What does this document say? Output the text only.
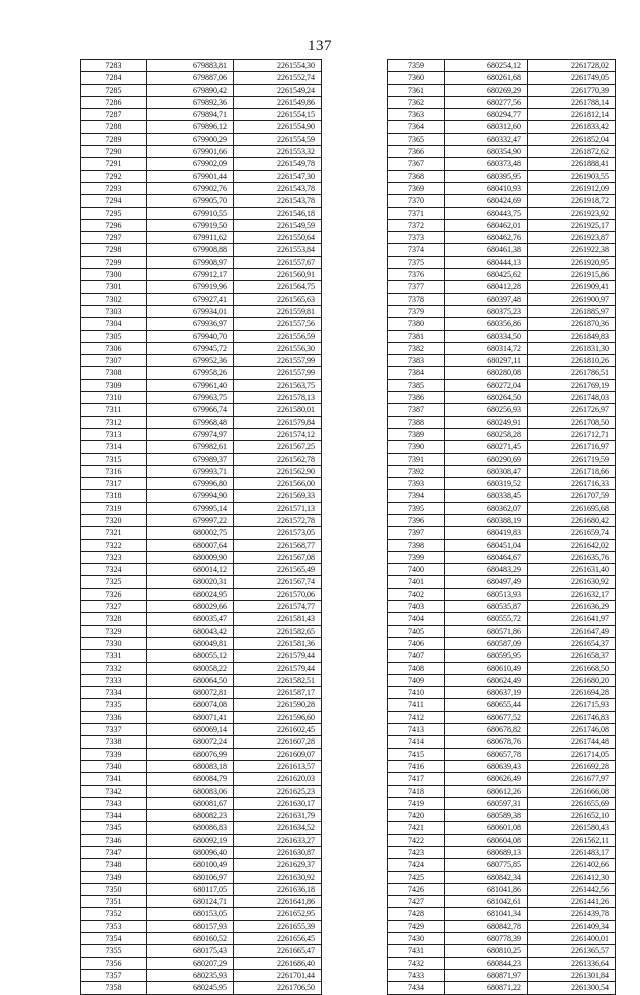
137
7283	679883,81	2261554,30
7284	679887,06	2261552,74
7285	679890,42	2261549,24
7286	679892,36	2261549,86
7287	679894,71	2261554,15
7288	679896,12	2261554,90
7289	679900,29	2261554,59
7290	679901,66	2261553,32
7291	679902,09	2261549,78
7292	679901,44	2261547,30
7293	679902,76	2261543,78
7294	679905,70	2261543,78
7295	679910,55	2261546,18
7296	679919,50	2261549,59
7297	679911,62	2261550,64
7298	679908,88	2261553,84
7299	679908,97	2261557,67
7300	679912,17	2261560,91
7301	679919,96	2261564,75
7302	679927,41	2261565,63
7303	679934,01	2261559,81
7304	679936,97	2261557,56
7305	679940,70	2261556,59
7306	679945,72	2261556,30
7307	679952,36	2261557,99
7308	679958,26	2261557,99
7309	679961,40	2261563,75
7310	679963,75	2261578,13
7311	679966,74	2261580,01
7312	679968,48	2261579,84
7313	679974,97	2261574,12
7314	679982,61	2261567,25
7315	679989,37	2261562,78
7316	679993,71	2261562,90
7317	679996,80	2261566,00
7318	679994,90	2261569,33
7319	679995,14	2261571,13
7320	679997,22	2261572,78
7321	680002,75	2261573,05
7322	680007,64	2261568,77
7323	680009,90	2261567,08
7324	680014,12	2261565,49
7325	680020,31	2261567,74
7326	680024,95	2261570,06
7327	680029,66	2261574,77
7328	680035,47	2261581,43
7329	680043,42	2261582,65
7330	680049,81	2261581,36
7331	680055,12	2261579,44
7332	680058,22	2261579,44
7333	680064,50	2261582,51
7334	680072,81	2261587,17
7335	680074,08	2261590,28
7336	680071,41	2261596,60
7337	680069,14	2261602,45
7338	680072,24	2261607,28
7339	680076,99	2261609,07
7340	680083,18	2261613,57
7341	680084,79	2261620,03
7342	680083,06	2261625,23
7343	680081,67	2261630,17
7344	680082,23	2261631,79
7345	680086,83	2261634,52
7346	680092,19	2261633,27
7347	680096,40	2261630,87
7348	680100,49	2261629,37
7349	680106,97	2261630,92
7350	680117,05	2261636,18
7351	680124,71	2261641,86
7352	680153,05	2261652,95
7353	680157,93	2261655,39
7354	680160,52	2261656,45
7355	680175,43	2261665,47
7356	680207,29	2261686,40
7357	680235,93	2261701,44
7358	680245,95	2261706,50
7359	680254,12	2261728,02
7360	680261,68	2261749,05
7361	680269,29	2261770,39
7362	680277,56	2261788,14
7363	680294,77	2261812,14
7364	680312,60	2261833,42
7365	680332,47	2261852,04
7366	680354,90	2261872,62
7367	680373,48	2261888,41
7368	680395,95	2261903,55
7369	680410,93	2261912,09
7370	680424,69	2261918,72
7371	680443,75	2261923,92
7372	680462,01	2261925,17
7373	680462,76	2261923,87
7374	680461,38	2261922,38
7375	680444,13	2261920,95
7376	680425,62	2261915,86
7377	680412,28	2261909,41
7378	680397,48	2261900,97
7379	680375,23	2261885,97
7380	680356,86	2261870,36
7381	680334,50	2261849,83
7382	680314,72	2261831,30
7383	680297,11	2261810,26
7384	680280,08	2261786,51
7385	680272,04	2261769,19
7386	680264,50	2261748,03
7387	680256,93	2261726,97
7388	680249,91	2261708,50
7389	680258,28	2261712,71
7390	680271,45	2261716,97
7391	680290,69	2261719,59
7392	680308,47	2261718,66
7393	680319,52	2261716,33
7394	680338,45	2261707,59
7395	680362,07	2261695,68
7396	680388,19	2261680,42
7397	680419,83	2261659,74
7398	680451,04	2261642,02
7399	680464,67	2261635,76
7400	680483,29	2261631,40
7401	680497,49	2261630,92
7402	680513,93	2261632,17
7403	680535,87	2261636,29
7404	680555,72	2261641,97
7405	680571,86	2261647,49
7406	680587,09	2261654,37
7407	680595,95	2261658,37
7408	680610,49	2261668,50
7409	680624,49	2261680,20
7410	680637,19	2261694,28
7411	680655,44	2261715,93
7412	680677,52	2261746,83
7413	680678,82	2261746,08
7414	680678,76	2261744,48
7415	680657,78	2261714,05
7416	680639,43	2261692,28
7417	680626,49	2261677,97
7418	680612,26	2261666,08
7419	680597,31	2261655,69
7420	680589,38	2261652,10
7421	680601,08	2261580,43
7422	680604,08	2261562,11
7423	680689,13	2261483,17
7424	680775,85	2261402,66
7425	680842,34	2261412,30
7426	681041,86	2261442,56
7427	681042,61	2261441,26
7428	681041,34	2261439,78
7429	680842,78	2261409,34
7430	680778,39	2261400,01
7431	680810,25	2261365,57
7432	680844,23	2261336,64
7433	680871,97	2261301,84
7434	680871,22	2261300,54
